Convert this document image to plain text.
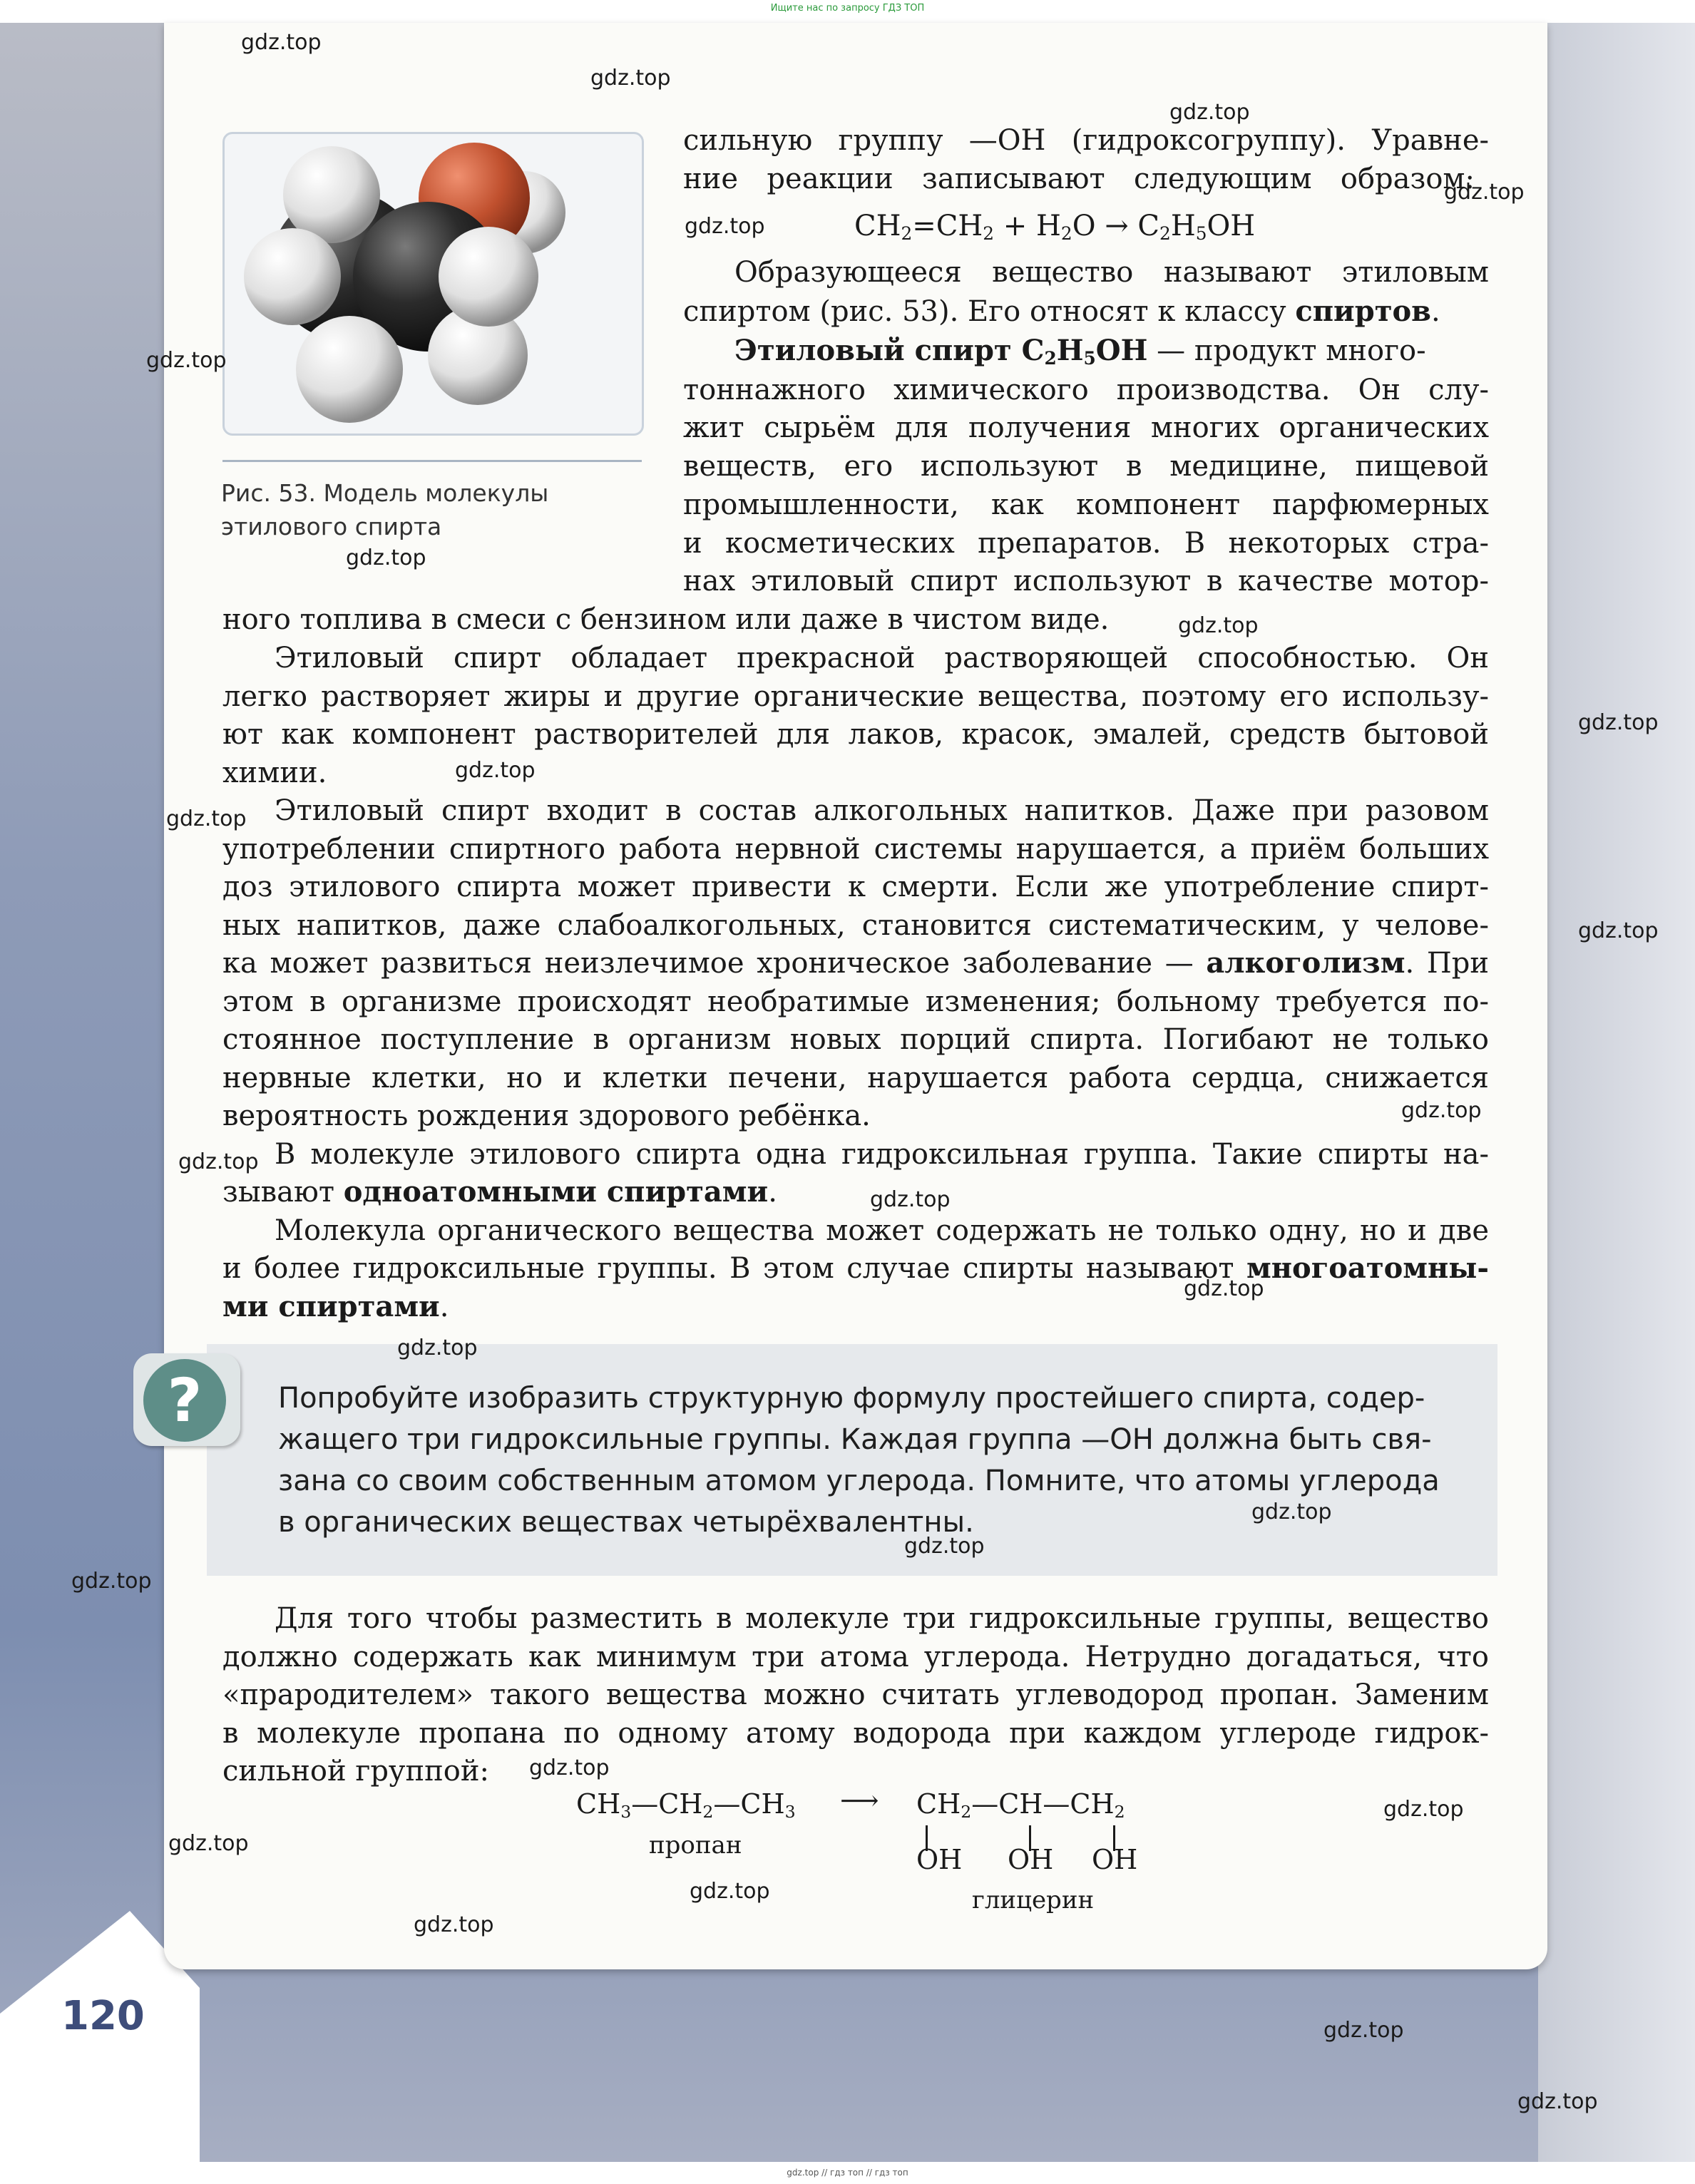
Ищите нас по запросу ГДЗ ТОП
120
Рис. 53. Модель молекулы
этилового спирта
сильную группу —ОН (гидроксогруппу). Уравне-
ние реакции записывают следующим образом:
$CH_2=CH_2 + H_2O \to C_2H_5OH$
Образующееся вещество называют этиловым
спиртом (рис. 53). Его относят к классу спиртов.
Этиловый спирт $C_2H_5OH$ — продукт много-
тоннажного химического производства. Он слу-
жит сырьём для получения многих органических
веществ, его используют в медицине, пищевой
промышленности, как компонент парфюмерных
и косметических препаратов. В некоторых стра-
нах этиловый спирт используют в качестве мотор-
ного топлива в смеси с бензином или даже в чистом виде.
Этиловый спирт обладает прекрасной растворяющей способностью. Он
легко растворяет жиры и другие органические вещества, поэтому его использу-
ют как компонент растворителей для лаков, красок, эмалей, средств бытовой
химии.
Этиловый спирт входит в состав алкогольных напитков. Даже при разовом
употреблении спиртного работа нервной системы нарушается, а приём больших
доз этилового спирта может привести к смерти. Если же употребление спирт-
ных напитков, даже слабоалкогольных, становится систематическим, у челове-
ка может развиться неизлечимое хроническое заболевание — алкоголизм. При
этом в организме происходят необратимые изменения; больному требуется по-
стоянное поступление в организм новых порций спирта. Погибают не только
нервные клетки, но и клетки печени, нарушается работа сердца, снижается
вероятность рождения здорового ребёнка.
В молекуле этилового спирта одна гидроксильная группа. Такие спирты на-
зывают одноатомными спиртами.
Молекула органического вещества может содержать не только одну, но и две
и более гидроксильные группы. В этом случае спирты называют многоатомны-
ми спиртами.
?	Попробуйте изобразить структурную формулу простейшего спирта, содер-
жащего три гидроксильные группы. Каждая группа —ОН должна быть свя-
зана со своим собственным атомом углерода. Помните, что атомы углерода
в органических веществах четырёхвалентны.
Для того чтобы разместить в молекуле три гидроксильные группы, вещество
должно содержать как минимум три атома углерода. Нетрудно догадаться, что
«прародителем» такого вещества можно считать углеводород пропан. Заменим
в молекуле пропана по одному атому водорода при каждом углероде гидрок-
сильной группой:
$CH_3—CH_2—CH_3$ ⟶ $CH_2—CH—CH_2$
OH OH OH
пропан
глицерин
gdz.top
gdz.top
gdz.top
gdz.top
gdz.top
gdz.top
gdz.top
gdz.top
gdz.top
gdz.top
gdz.top
gdz.top
gdz.top
gdz.top
gdz.top
gdz.top
gdz.top
gdz.top
gdz.top
gdz.top
gdz.top
gdz.top
gdz.top
gdz.top
gdz.top
gdz.top
gdz.top
gdz.top // гдз топ // гдз топ
